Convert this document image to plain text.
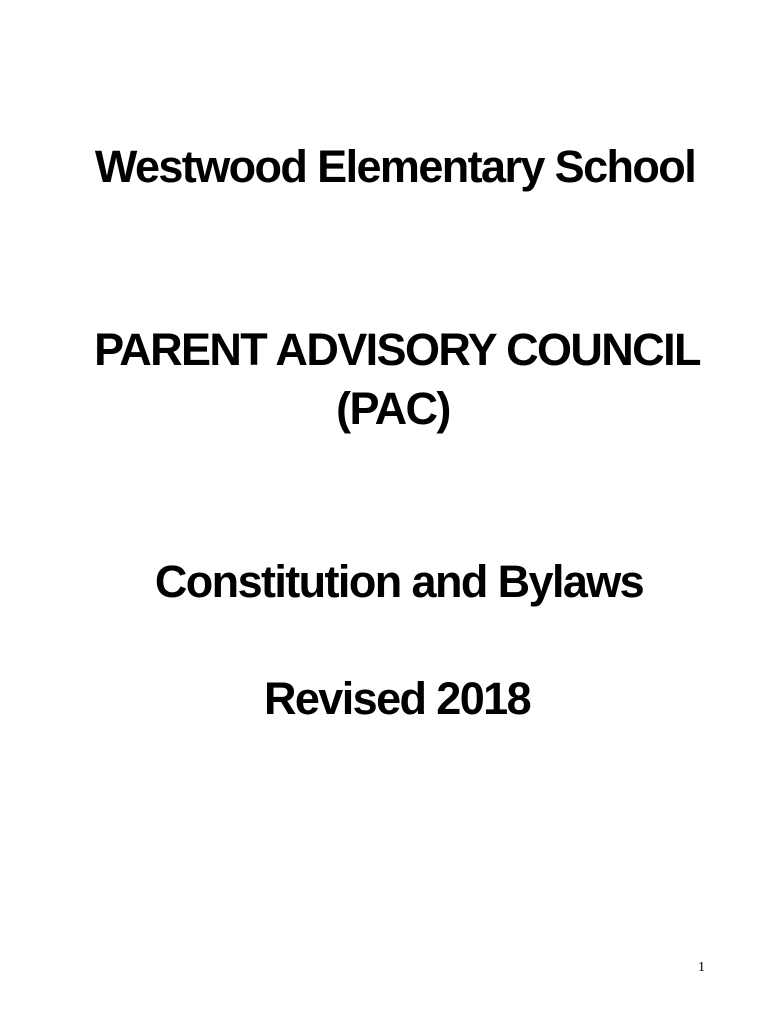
Westwood Elementary School
PARENT ADVISORY COUNCIL
(PAC)
Constitution and Bylaws
Revised 2018
1
